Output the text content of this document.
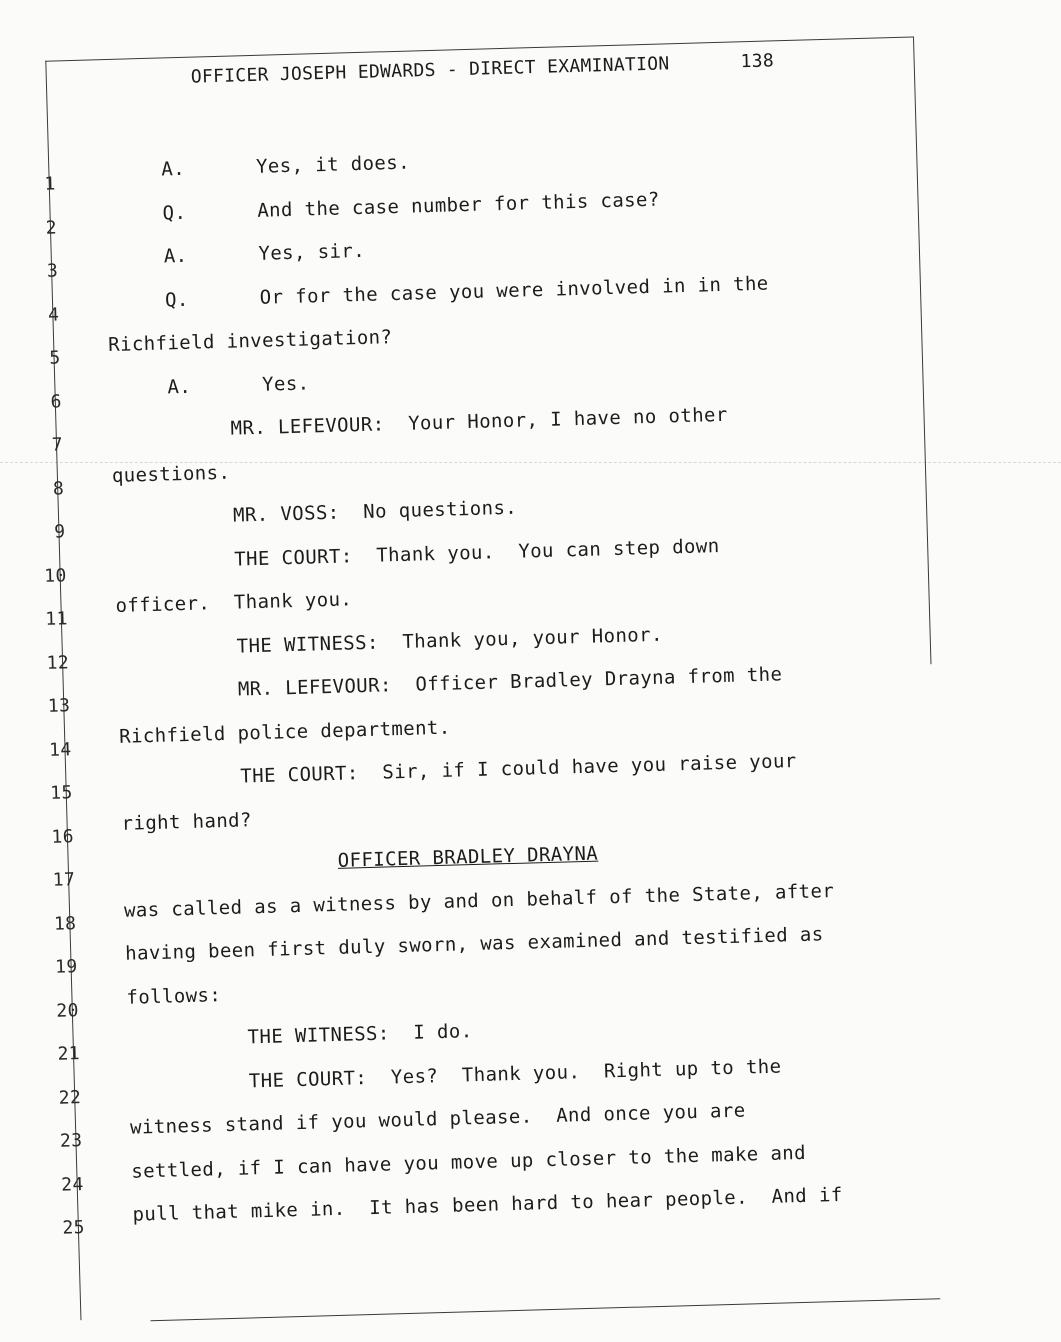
OFFICER JOSEPH EDWARDS - DIRECT EXAMINATION	138
1
A.      Yes, it does.
2
Q.      And the case number for this case?
3
A.      Yes, sir.
4
Q.      Or for the case you were involved in in the
5
Richfield investigation?
6
A.      Yes.
7
MR. LEFEVOUR:  Your Honor, I have no other
8
questions.
9
MR. VOSS:  No questions.
10
THE COURT:  Thank you.  You can step down
11
officer.  Thank you.
12
THE WITNESS:  Thank you, your Honor.
13
MR. LEFEVOUR:  Officer Bradley Drayna from the
14
Richfield police department.
15
THE COURT:  Sir, if I could have you raise your
16
right hand?
17
OFFICER BRADLEY DRAYNA
18
was called as a witness by and on behalf of the State, after
19
having been first duly sworn, was examined and testified as
20
follows:
21
THE WITNESS:  I do.
22
THE COURT:  Yes?  Thank you.  Right up to the
23
witness stand if you would please.  And once you are
24
settled, if I can have you move up closer to the make and
25
pull that mike in.  It has been hard to hear people.  And if
